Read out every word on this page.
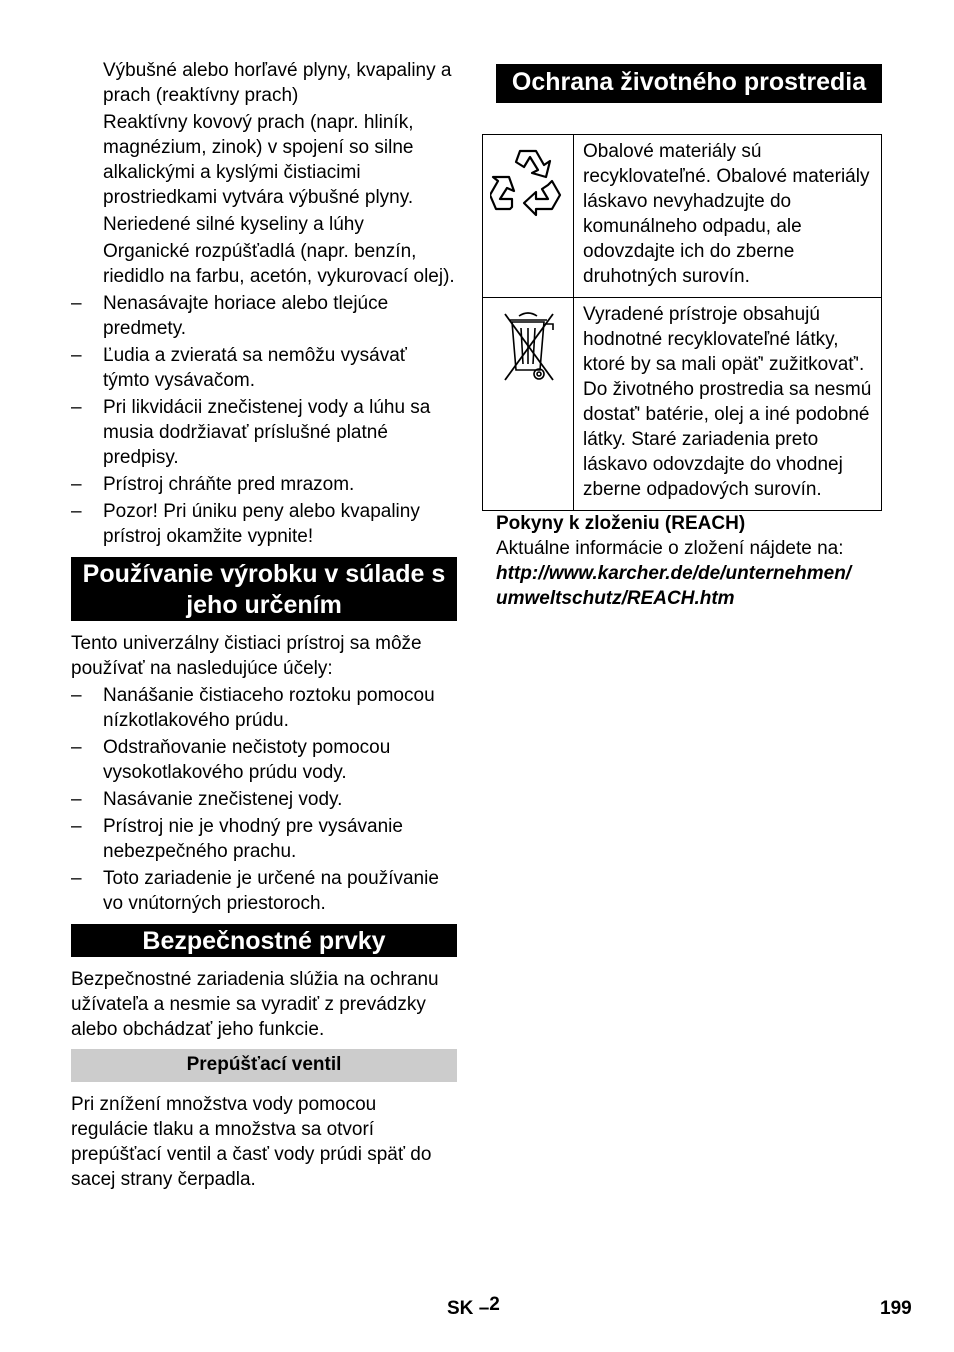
Výbušné alebo horľavé plyny, kvapaliny a prach (reaktívny prach)

Reaktívny kovový prach (napr. hliník, magnézium, zinok) v spojení so silne alkalickými a kyslými čistiacimi prostriedkami vytvára výbušné plyny.

Neriedené silné kyseliny a lúhy

Organické rozpúšťadlá (napr. benzín, riedidlo na farbu, acetón, vykurovací olej).

– Nenasávajte horiace alebo tlejúce predmety.
– Ľudia a zvieratá sa nemôžu vysávať týmto vysávačom.
– Pri likvidácii znečistenej vody a lúhu sa musia dodržiavať príslušné platné predpisy.
– Prístroj chráňte pred mrazom.
– Pozor! Pri úniku peny alebo kvapaliny prístroj okamžite vypnite!
Používanie výrobku v súlade s jeho určením

Tento univerzálny čistiaci prístroj sa môže používať na nasledujúce účely:

– Nanášanie čistiaceho roztoku pomocou nízkotlakového prúdu.
– Odstraňovanie nečistoty pomocou vysokotlakového prúdu vody.
– Nasávanie znečistenej vody.
– Prístroj nie je vhodný pre vysávanie nebezpečného prachu.
– Toto zariadenie je určené na používanie vo vnútorných priestoroch.
Bezpečnostné prvky

Bezpečnostné zariadenia slúžia na ochranu užívateľa a nesmie sa vyradiť z prevádzky alebo obchádzať jeho funkcie.

Prepúšťací ventil

Pri znížení množstva vody pomocou regulácie tlaku a množstva sa otvorí prepúšťací ventil a časť vody prúdi späť do sacej strany čerpadla.

Ochrana životného prostredia
	Obalové materiály sú recyklovateľné. Obalové materiály láskavo nevyhadzujte do komunálneho odpadu, ale odovzdajte ich do zberne druhotných surovín.
	Vyradené prístroje obsahujú hodnotné recyklovateľné látky, ktoré by sa mali opäť' zužitkovať'. Do životného prostredia sa nesmú dostať' batérie, olej a iné podobné látky. Staré zariadenia preto láskavo odovzdajte do vhodnej zberne odpadových surovín.

Pokyny k zloženiu (REACH)

Aktuálne informácie o zložení nájdete na:

http://www.karcher.de/de/unternehmen/

umweltschutz/REACH.htm

SK –2	199
